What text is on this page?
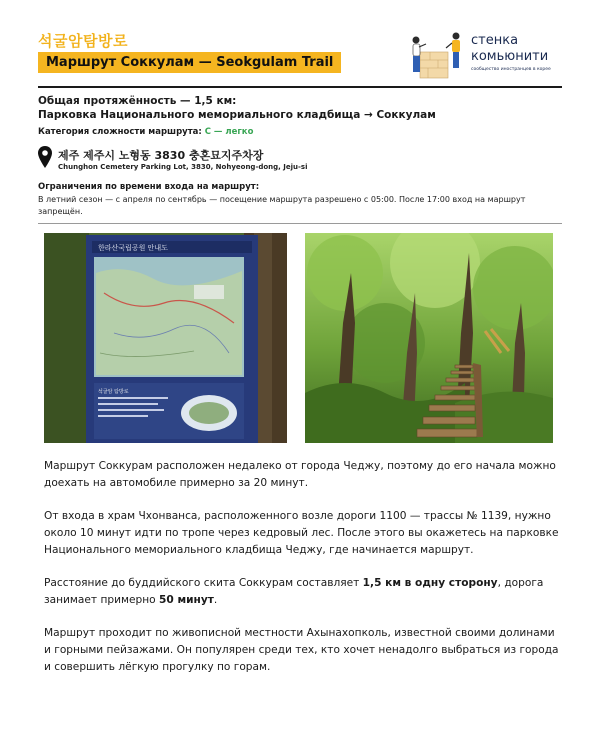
석굴암탐방로
Маршрут Соккулам — Seokgulam Trail
стенка
комьюнити
сообщество иностранцев в корее
Общая протяжённость — 1,5 км:
Парковка Национального мемориального кладбища → Соккулам
Категория сложности маршрута: С — легко
제주 제주시 노형동 3830 충혼묘지주차장
Chunghon Cemetery Parking Lot, 3830, Nohyeong-dong, Jeju-si
Ограничения по времени входа на маршрут:
В летний сезон — с апреля по сентябрь — посещение маршрута разрешено с 05:00. После 17:00 вход на маршрут запрещён.
한라산국립공원 안내도
석굴암 탐방로

Маршрут Соккурам расположен недалеко от города Чеджу, поэтому до его начала можно доехать на автомобиле примерно за 20 минут.

От входа в храм Чхонванса, расположенного возле дороги 1100 — трассы № 1139, нужно около 10 минут идти по тропе через кедровый лес. После этого вы окажетесь на парковке Национального мемориального кладбища Чеджу, где начинается маршрут.

Расстояние до буддийского скита Соккурам составляет 1,5 км в одну сторону, дорога занимает примерно 50 минут.

Маршрут проходит по живописной местности Ахынахопколь, известной своими долинами и горными пейзажами. Он популярен среди тех, кто хочет ненадолго выбраться из города и совершить лёгкую прогулку по горам.
